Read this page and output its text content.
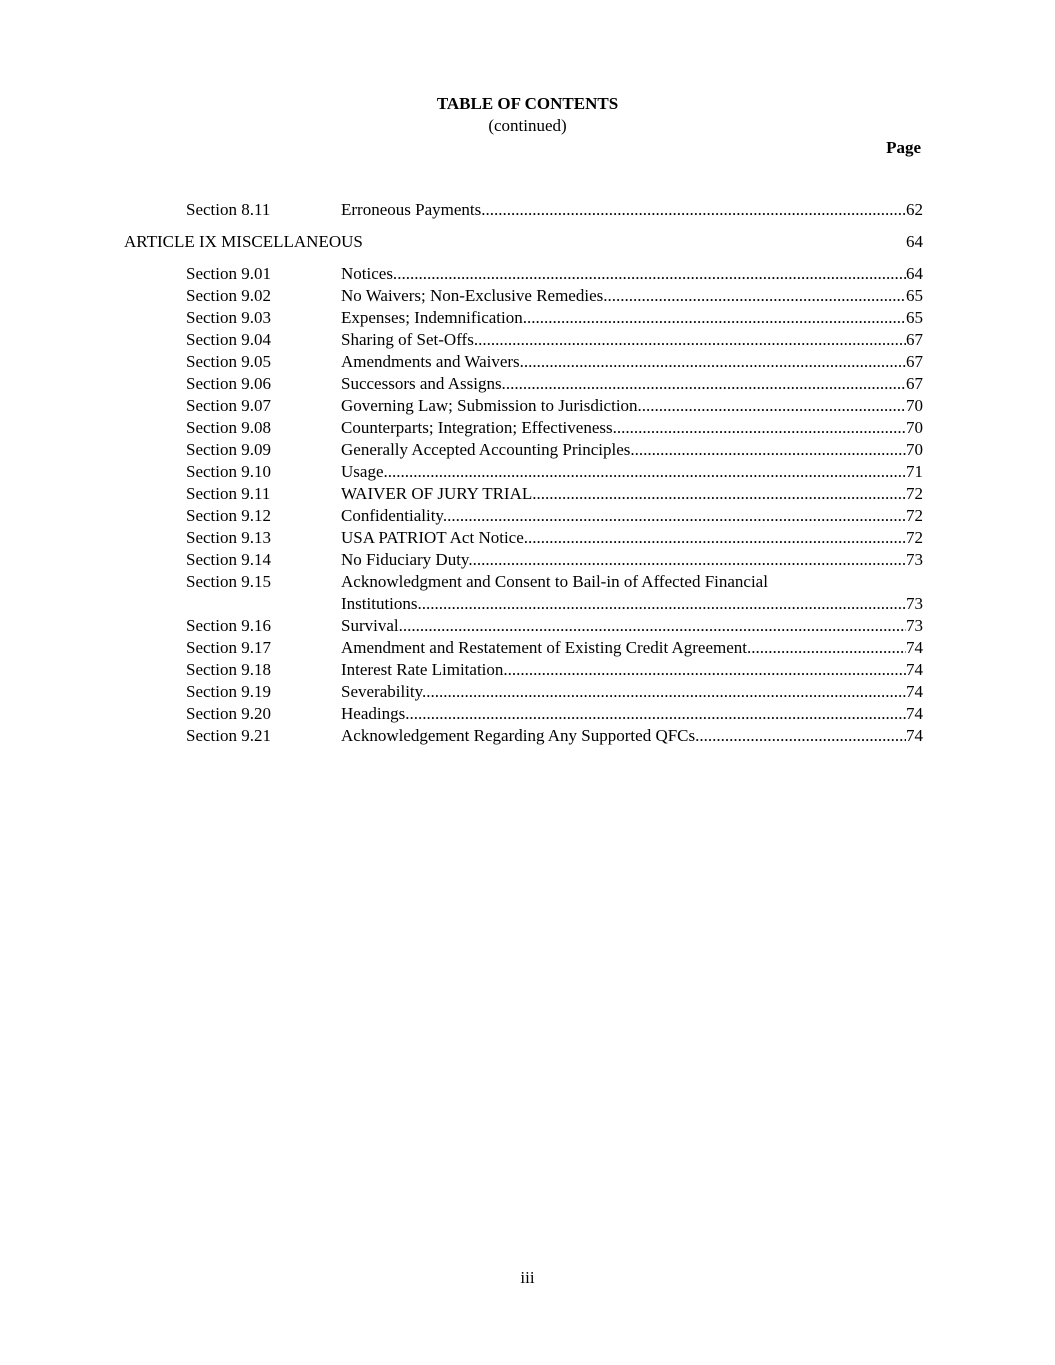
TABLE OF CONTENTS
(continued)
Page
Section 8.11	Erroneous Payments. .....	62
ARTICLE IX MISCELLANEOUS	64
Section 9.01	Notices. .....	64
Section 9.02	No Waivers; Non-Exclusive Remedies. .....	65
Section 9.03	Expenses; Indemnification. .....	65
Section 9.04	Sharing of Set-Offs. .....	67
Section 9.05	Amendments and Waivers. .....	67
Section 9.06	Successors and Assigns. .....	67
Section 9.07	Governing Law; Submission to Jurisdiction. .....	70
Section 9.08	Counterparts; Integration; Effectiveness. .....	70
Section 9.09	Generally Accepted Accounting Principles. .....	70
Section 9.10	Usage. .....	71
Section 9.11	WAIVER OF JURY TRIAL. .....	72
Section 9.12	Confidentiality. .....	72
Section 9.13	USA PATRIOT Act Notice. .....	72
Section 9.14	No Fiduciary Duty. .....	73
Section 9.15	Acknowledgment and Consent to Bail-in of Affected Financial
Institutions. .....	73
Section 9.16	Survival. .....	73
Section 9.17	Amendment and Restatement of Existing Credit Agreement. .....	74
Section 9.18	Interest Rate Limitation. .....	74
Section 9.19	Severability. .....	74
Section 9.20	Headings. .....	74
Section 9.21	Acknowledgement Regarding Any Supported QFCs. .....	74
iii
